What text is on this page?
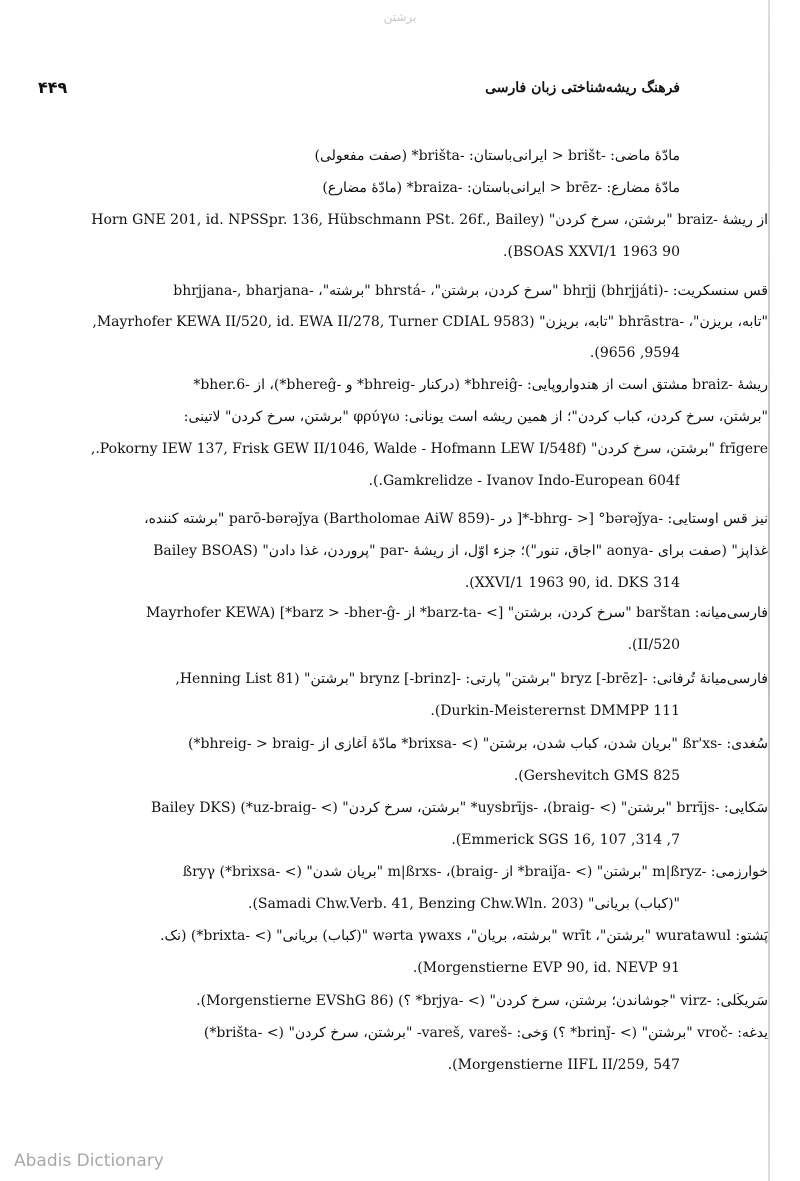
برشتن
۴۴۹	فرهنگ ریشه‌شناختی زبان فارسی
مادّهٔ ماضی: -brišt < ایرانی‌باستان: -brišta* (صفت مفعولی)
مادّهٔ مضارع: -brēz < ایرانی‌باستان: -braiza* (مادّهٔ مضارع)
از ریشهٔ -braiz "برشتن، سرخ کردن" (Horn GNE 201, id. NPSSpr. 136, Hübschmann PSt. 26f., Bailey
BSOAS XXVI/1 1963 90).
قس سنسکریت: -bhrjj (bhrjjáti) "سرخ کردن، برشتن"، -bhrstá "برشته"، -bhrjjana-, bharjana
"تابه، بریزن"، -bhrāstra "تابه، بریزن" (Mayrhofer KEWA II/520, id. EWA II/278, Turner CDIAL 9583,
9594, 9656).
ریشهٔ -braiz مشتق است از هندواروپایی: -bhreiĝ* (درکنار -bhreig* و -bhereĝ*)، از -bher.6*
"برشتن، سرخ کردن، کباب کردن"؛ از همین ریشه است یونانی: φρύγω "برشتن، سرخ کردن" لاتینی:
frīgere "برشتن، سرخ کردن" (Pokorny IEW 137, Frisk GEW II/1046, Walde - Hofmann LEW I/548f.,
Gamkrelidze - Ivanov Indo-European 604f.).
نیز قس اوستایی: -bhrg- >] °bərəǰya-*[ در -parō-bərəǰya (Bartholomae AiW 859) "برشته کننده،
غذاپز" (صفت برای -aonya "اجاق، تنور")؛ جزء اوّل، از ریشهٔ -par "پروردن، غذا دادن" (Bailey BSOAS
XXVI/1 1963 90, id. DKS 314).
فارسی‌میانه: barštan "سرخ کردن، برشتن" [> -barz-ta* از -barz > -bher-ĝ*] (Mayrhofer KEWA
II/520).
فارسی‌میانهٔ تُرفانی: -bryz [-brēz] "برشتن" پارتی: -brynz [-brinz] "برشتن" (Henning List 81,
Durkin-Meisterernst DMMPP 111).
سُغدی: -ßr'xs "بریان شدن، کباب شدن، برشتن" (> -brixsa* مادّهٔ آغازی از -bhreig- > braig*)
Gershevitch GMS 825).
سَکایی: -brrījs "برشتن" (> -braig)، -uysbrījs* "برشتن، سرخ کردن" (> -uz-braig*) (Bailey DKS
7, 314, Emmerick SGS 16, 107).
خوارزمی: -m|ßryz "برشتن" (> -braiǰa* از -braig)، -m|ßrxs "بریان شدن" (> -brixsa*) ßryγ
"(کباب) بریانی" (Samadi Chw.Verb. 41, Benzing Chw.Wln. 203).
پَشتو: wuratawul "برشتن"، wrīt "برشته، بریان"، wərta γwaxs "(کباب) بریانی" (> -brixta*) (نک.
Morgenstierne EVP 90, id. NEVP 91).
سَریکُلی: -virz "جوشاندن؛ برشتن، سرخ کردن" (> -brjya* ؟) (Morgenstierne EVShG 86).
یدغه: -vroč "برشتن" (> -brinǰ* ؟) وَخی: -vareš, vareš- "برشتن، سرخ کردن" (> -brišta*)
Morgenstierne IIFL II/259, 547).
Abadis Dictionary
